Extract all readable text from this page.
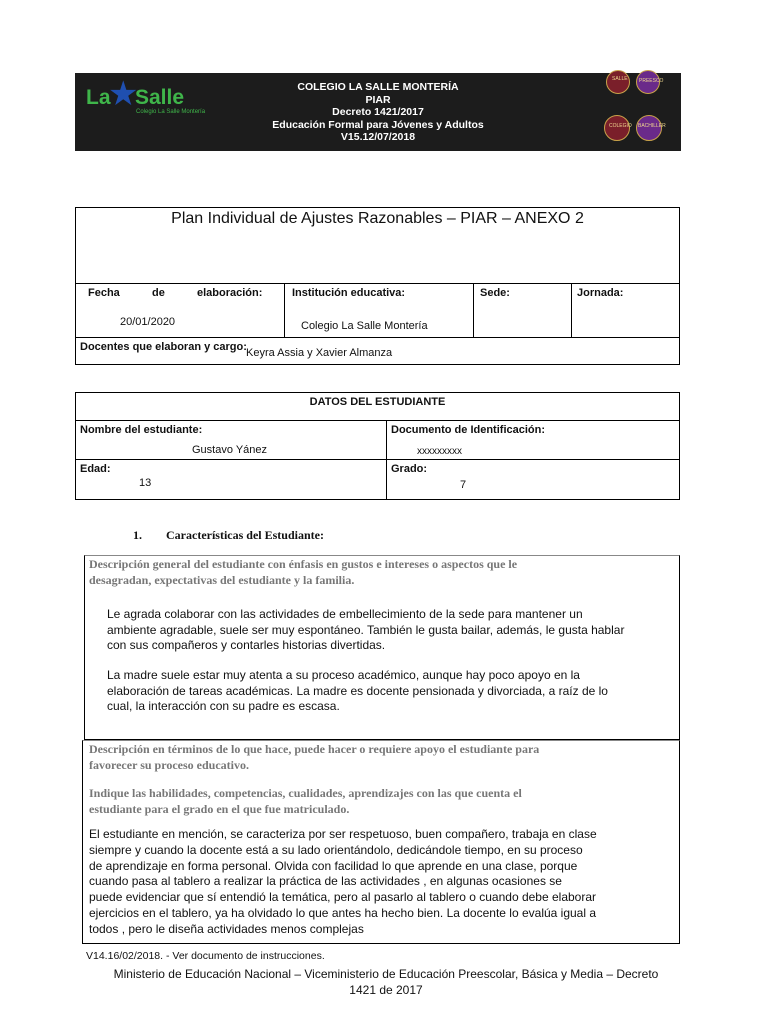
La
★
Salle
Colegio La Salle Montería
COLEGIO LA SALLE MONTERÍA
PIAR
Decreto 1421/2017
Educación Formal para Jóvenes y Adultos
V15.12/07/2018
SALLE PREESCO
COLEGIO BACHILLER
Plan Individual de Ajustes Razonables – PIAR – ANEXO 2
Fecha	de	elaboración:
20/01/2020
Institución educativa:
Colegio La Salle Montería
Sede:	Jornada:
Docentes que elaboran y cargo: Keyra Assia y Xavier Almanza
DATOS DEL ESTUDIANTE
Nombre del estudiante:
Gustavo Yánez
Documento de Identificación:
xxxxxxxxx
Edad:
13
Grado:
7
1. Características del Estudiante:
Descripción general del estudiante con énfasis en gustos e intereses o aspectos que le
desagradan, expectativas del estudiante y la familia.
Le agrada colaborar con las actividades de embellecimiento de la sede para mantener un
ambiente agradable, suele ser muy espontáneo. También le gusta bailar, además, le gusta hablar
con sus compañeros y contarles historias divertidas.
La madre suele estar muy atenta a su proceso académico, aunque hay poco apoyo en la
elaboración de tareas académicas. La madre es docente pensionada y divorciada, a raíz de lo
cual, la interacción con su padre es escasa.
Descripción en términos de lo que hace, puede hacer o requiere apoyo el estudiante para
favorecer su proceso educativo.
Indique las habilidades, competencias, cualidades, aprendizajes con las que cuenta el
estudiante para el grado en el que fue matriculado.
El estudiante en mención, se caracteriza por ser respetuoso, buen compañero, trabaja en clase
siempre y cuando la docente está a su lado orientándolo, dedicándole tiempo, en su proceso
de aprendizaje en forma personal. Olvida con facilidad lo que aprende en una clase, porque
cuando pasa al tablero a realizar la práctica de las actividades , en algunas ocasiones se
puede evidenciar que sí entendió la temática, pero al pasarlo al tablero o cuando debe elaborar
ejercicios en el tablero, ya ha olvidado lo que antes ha hecho bien. La docente lo evalúa igual a
todos , pero le diseña actividades menos complejas
V14.16/02/2018. - Ver documento de instrucciones.
Ministerio de Educación Nacional – Viceministerio de Educación Preescolar, Básica y Media – Decreto
1421 de 2017
